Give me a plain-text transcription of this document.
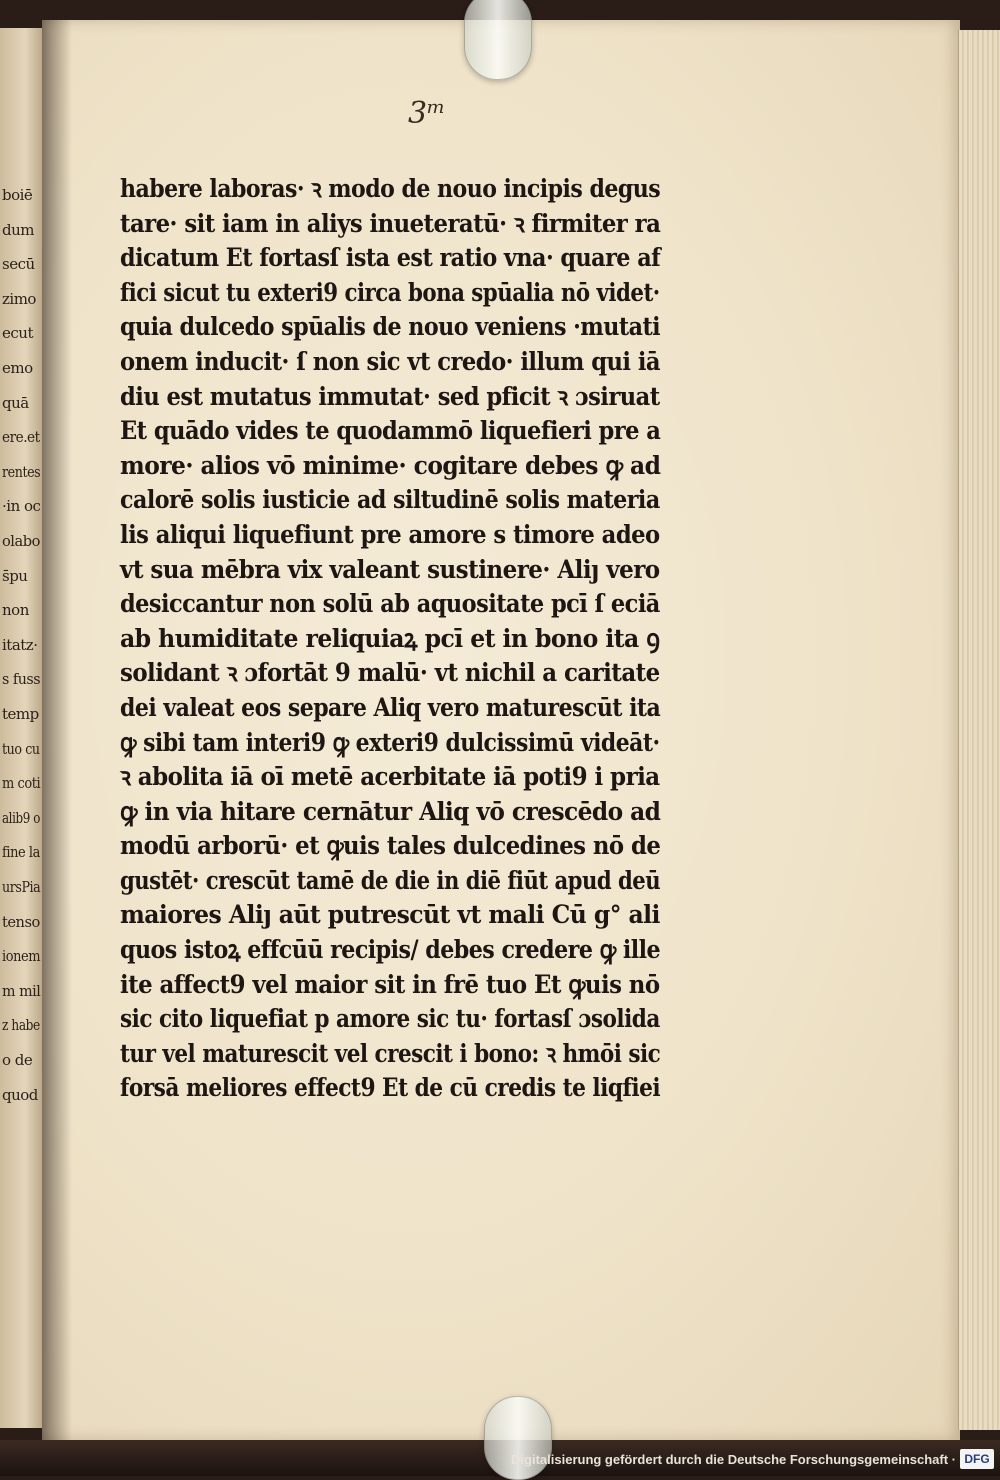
boiē
dum
secū
zimo
ecut
emo
quā
ere.et
rentes
·in oc
olabo
s̄pu
non
itatz·
s fuss
temp
tuo cu
m coti
alib9 o
fine la
ursPia
tenso
ionem
m mil
z habe
o de
quod
3ᵐ
habere laboras· ꝛ modo de nouo incipis degus
tare· sit iam in aliys inueteratū· ꝛ firmiter ra
dicatum Et fortasſ ista est ratio vna· quare af
fici sicut tu exteri9 circa bona spūalia nō videt·
quia dulcedo spūalis de nouo veniens ·mutati
onem inducit· ſ non sic vt credo· illum qui iā
diu est mutatus immutat· sed pficit ꝛ ɔsiruat
Et quādo vides te quodammō liquefieri pre a
more· alios vō minime· cogitare debes ꝙ ad
calorē solis iusticie ad siltudinē solis materia
lis aliqui liquefiunt pre amore s timore adeo
vt sua mēbra vix valeant sustinere· Aliȷ vero
desiccantur non solū ab aquositate pcī ſ eciā
ab humiditate reliquiaꝝ pcī et in bono ita ꝯ
solidant ꝛ ɔfortāt 9 malū· vt nichil a caritate
dei valeat eos separe Aliq vero maturescūt ita
ꝙ sibi tam interi9 ꝙ exteri9 dulcissimū videāt·
ꝛ abolita iā oī metē acerbitate iā poti9 i pria
ꝙ in via hitare cernātur Aliq vō crescēdo ad
modū arborū· et ꝙuis tales dulcedines nō de
gustēt· crescūt tamē de die in diē fiūt apud deū
maiores Aliȷ aūt putrescūt vt mali Cū g° ali
quos istoꝝ effcūū recipis/ debes credere ꝙ ille
ite affect9 vel maior sit in frē tuo Et ꝙuis nō
sic cito liquefiat p amore sic tu· fortasſ ɔsolida
tur vel maturescit vel crescit i bono: ꝛ hmōi sic
forsā meliores effect9 Et de cū credis te liqfiei
Digitalisierung gefördert durch die Deutsche Forschungsgemeinschaft · DFG
